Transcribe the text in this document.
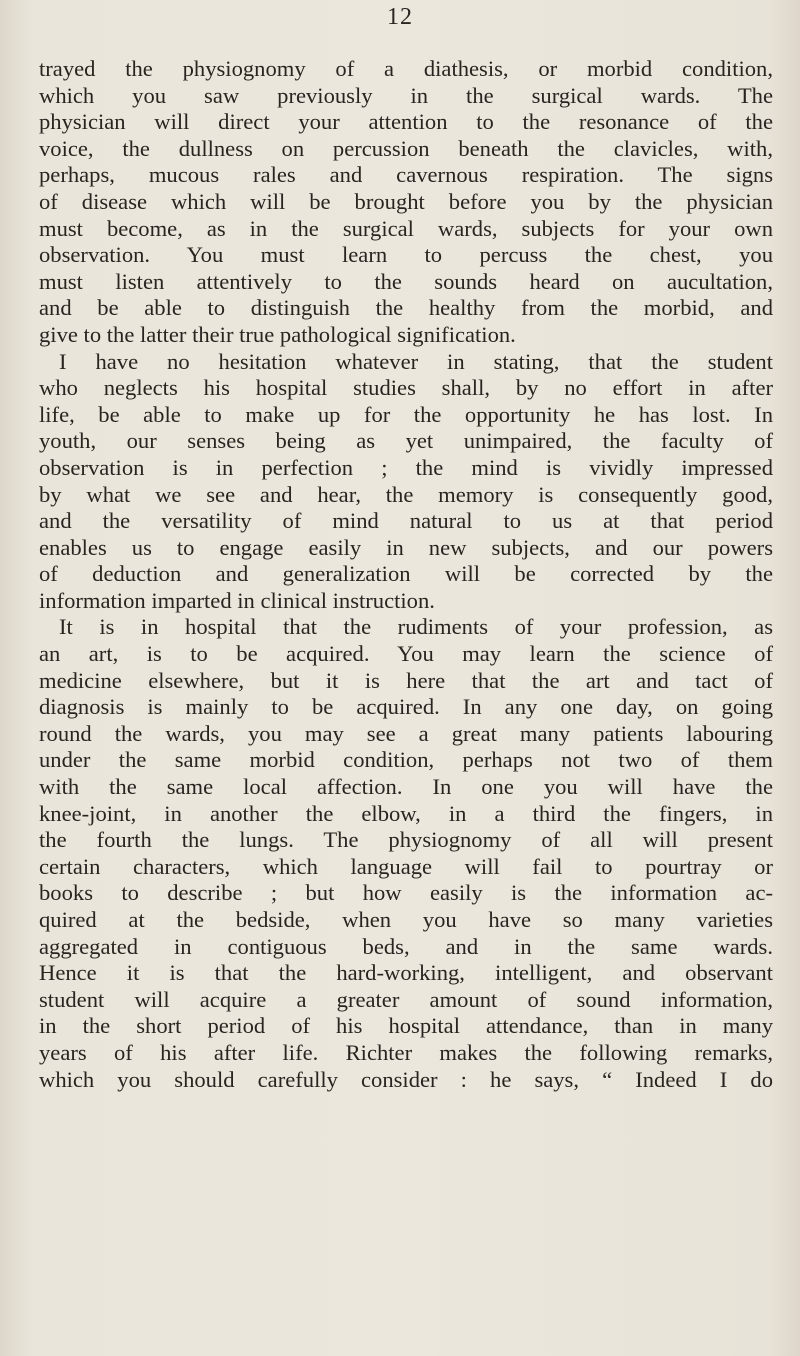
12
trayed the physiognomy of a diathesis, or morbid condition,
which you saw previously in the surgical wards. The
physician will direct your attention to the resonance of the
voice, the dullness on percussion beneath the clavicles, with,
perhaps, mucous rales and cavernous respiration. The signs
of disease which will be brought before you by the physician
must become, as in the surgical wards, subjects for your own
observation. You must learn to percuss the chest, you
must listen attentively to the sounds heard on aucultation,
and be able to distinguish the healthy from the morbid, and
give to the latter their true pathological signification.
I have no hesitation whatever in stating, that the student
who neglects his hospital studies shall, by no effort in after
life, be able to make up for the opportunity he has lost. In
youth, our senses being as yet unimpaired, the faculty of
observation is in perfection ; the mind is vividly impressed
by what we see and hear, the memory is consequently good,
and the versatility of mind natural to us at that period
enables us to engage easily in new subjects, and our powers
of deduction and generalization will be corrected by the
information imparted in clinical instruction.
It is in hospital that the rudiments of your profession, as
an art, is to be acquired. You may learn the science of
medicine elsewhere, but it is here that the art and tact of
diagnosis is mainly to be acquired. In any one day, on going
round the wards, you may see a great many patients labouring
under the same morbid condition, perhaps not two of them
with the same local affection. In one you will have the
knee-joint, in another the elbow, in a third the fingers, in
the fourth the lungs. The physiognomy of all will present
certain characters, which language will fail to pourtray or
books to describe ; but how easily is the information ac-
quired at the bedside, when you have so many varieties
aggregated in contiguous beds, and in the same wards.
Hence it is that the hard-working, intelligent, and observant
student will acquire a greater amount of sound information,
in the short period of his hospital attendance, than in many
years of his after life. Richter makes the following remarks,
which you should carefully consider : he says, “ Indeed I do
